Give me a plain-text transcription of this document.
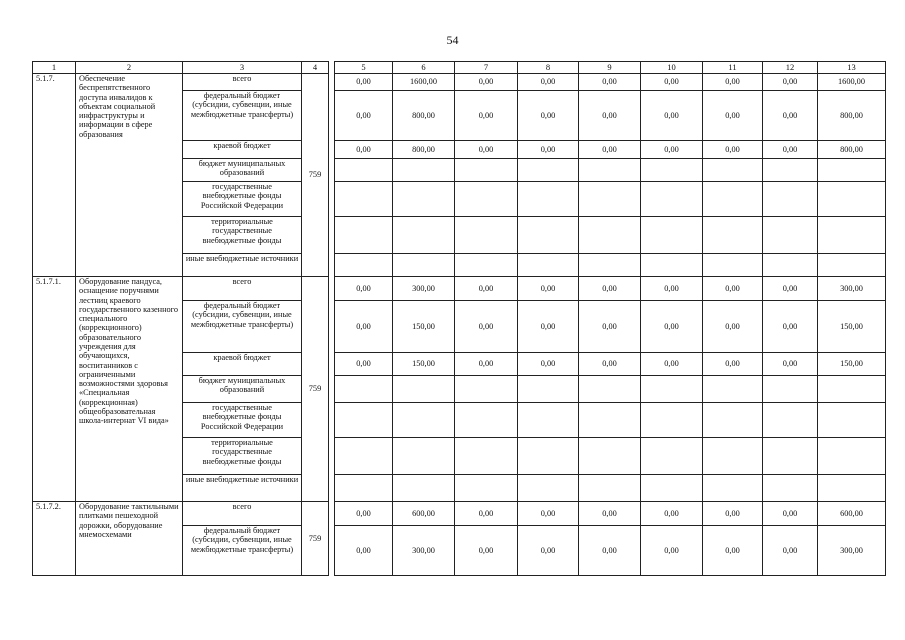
54
1	2	3	4		5	6	7	8	9	10	11	12	13
5.1.7.	Обеспечение беспрепятственного доступа инвалидов к объектам социальной инфраструктуры и информации в сфере образования	всего	759		0,00	1600,00	0,00	0,00	0,00	0,00	0,00	0,00	1600,00
		федеральный бюджет (субсидии, субвенции, иные межбюджетные трансферты)			0,00	800,00	0,00	0,00	0,00	0,00	0,00	0,00	800,00
		краевой бюджет			0,00	800,00	0,00	0,00	0,00	0,00	0,00	0,00	800,00
		бюджет муниципальных образований											
		государственные внебюджетные фонды Российской Федерации											
		территориальные государственные внебюджетные фонды											
		иные внебюджетные источники											
5.1.7.1.	Оборудование пандуса, оснащение поручнями лестниц краевого государственного казенного специального (коррекционного) образовательного учреждения для обучающихся, воспитанников с ограниченными возможностями здоровья «Специальная (коррекционная) общеобразовательная школа-интернат VI вида»	всего	759		0,00	300,00	0,00	0,00	0,00	0,00	0,00	0,00	300,00
		федеральный бюджет (субсидии, субвенции, иные межбюджетные трансферты)			0,00	150,00	0,00	0,00	0,00	0,00	0,00	0,00	150,00
		краевой бюджет			0,00	150,00	0,00	0,00	0,00	0,00	0,00	0,00	150,00
		бюджет муниципальных образований											
		государственные внебюджетные фонды Российской Федерации											
		территориальные государственные внебюджетные фонды											
		иные внебюджетные источники											
5.1.7.2.	Оборудование тактильными плитками пешеходной дорожки, оборудование мнемосхемами	всего	759		0,00	600,00	0,00	0,00	0,00	0,00	0,00	0,00	600,00
		федеральный бюджет (субсидии, субвенции, иные межбюджетные трансферты)			0,00	300,00	0,00	0,00	0,00	0,00	0,00	0,00	300,00
